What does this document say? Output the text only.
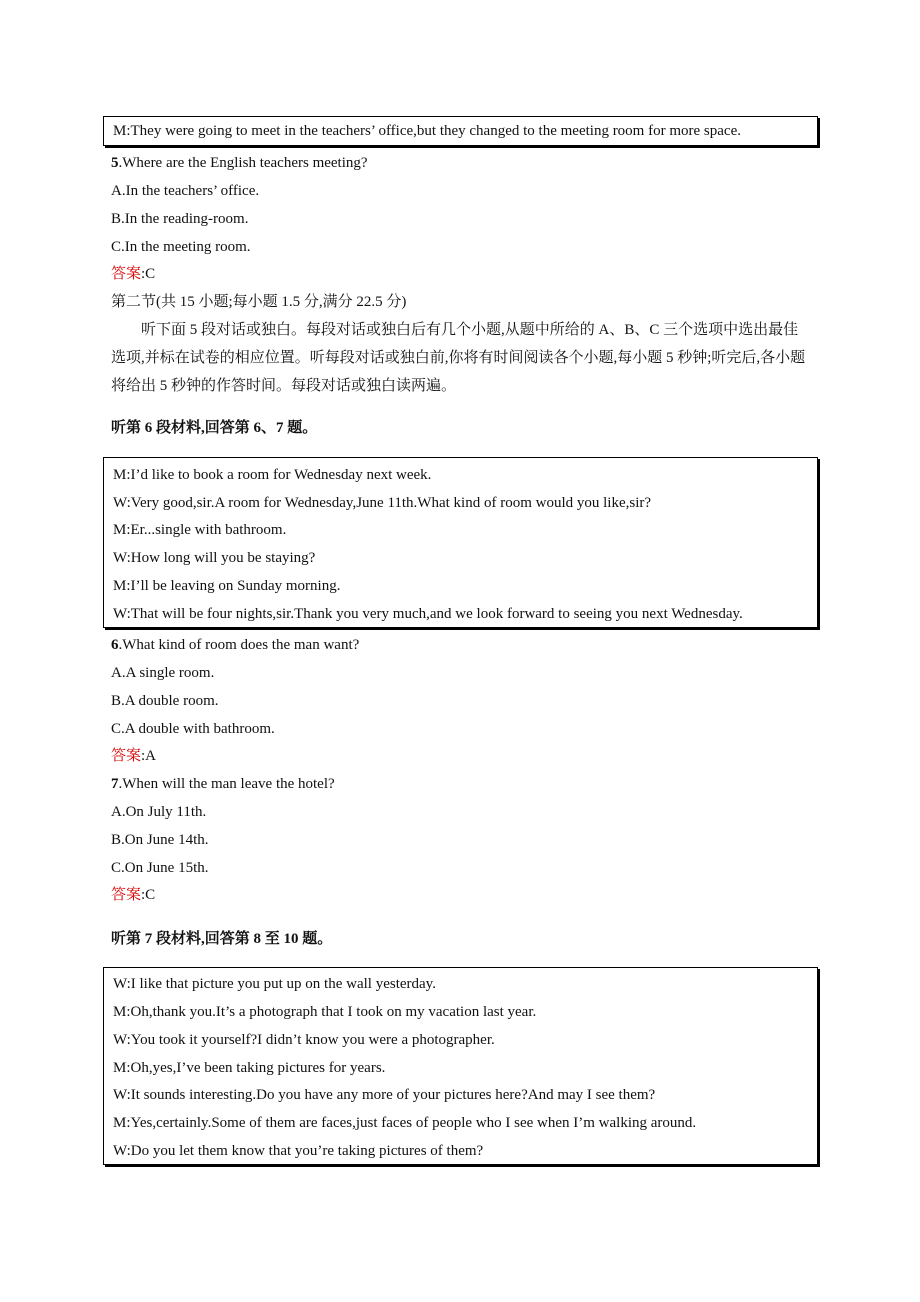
M:They were going to meet in the teachers’ office,but they changed to the meeting room for more space.
5.Where are the English teachers meeting?
A.In the teachers’ office.
B.In the reading-room.
C.In the meeting room.
答案:C
第二节(共 15 小题;每小题 1.5 分,满分 22.5 分)
听下面 5 段对话或独白。每段对话或独白后有几个小题,从题中所给的 A、B、C 三个选项中选出最佳选项,并标在试卷的相应位置。听每段对话或独白前,你将有时间阅读各个小题,每小题 5 秒钟;听完后,各小题将给出 5 秒钟的作答时间。每段对话或独白读两遍。
听第 6 段材料,回答第 6、7 题。
M:I’d like to book a room for Wednesday next week.
W:Very good,sir.A room for Wednesday,June 11th.What kind of room would you like,sir?
M:Er...single with bathroom.
W:How long will you be staying?
M:I’ll be leaving on Sunday morning.
W:That will be four nights,sir.Thank you very much,and we look forward to seeing you next Wednesday.
6.What kind of room does the man want?
A.A single room.
B.A double room.
C.A double with bathroom.
答案:A
7.When will the man leave the hotel?
A.On July 11th.
B.On June 14th.
C.On June 15th.
答案:C
听第 7 段材料,回答第 8 至 10 题。
W:I like that picture you put up on the wall yesterday.
M:Oh,thank you.It’s a photograph that I took on my vacation last year.
W:You took it yourself?I didn’t know you were a photographer.
M:Oh,yes,I’ve been taking pictures for years.
W:It sounds interesting.Do you have any more of your pictures here?And may I see them?
M:Yes,certainly.Some of them are faces,just faces of people who I see when I’m walking around.
W:Do you let them know that you’re taking pictures of them?
